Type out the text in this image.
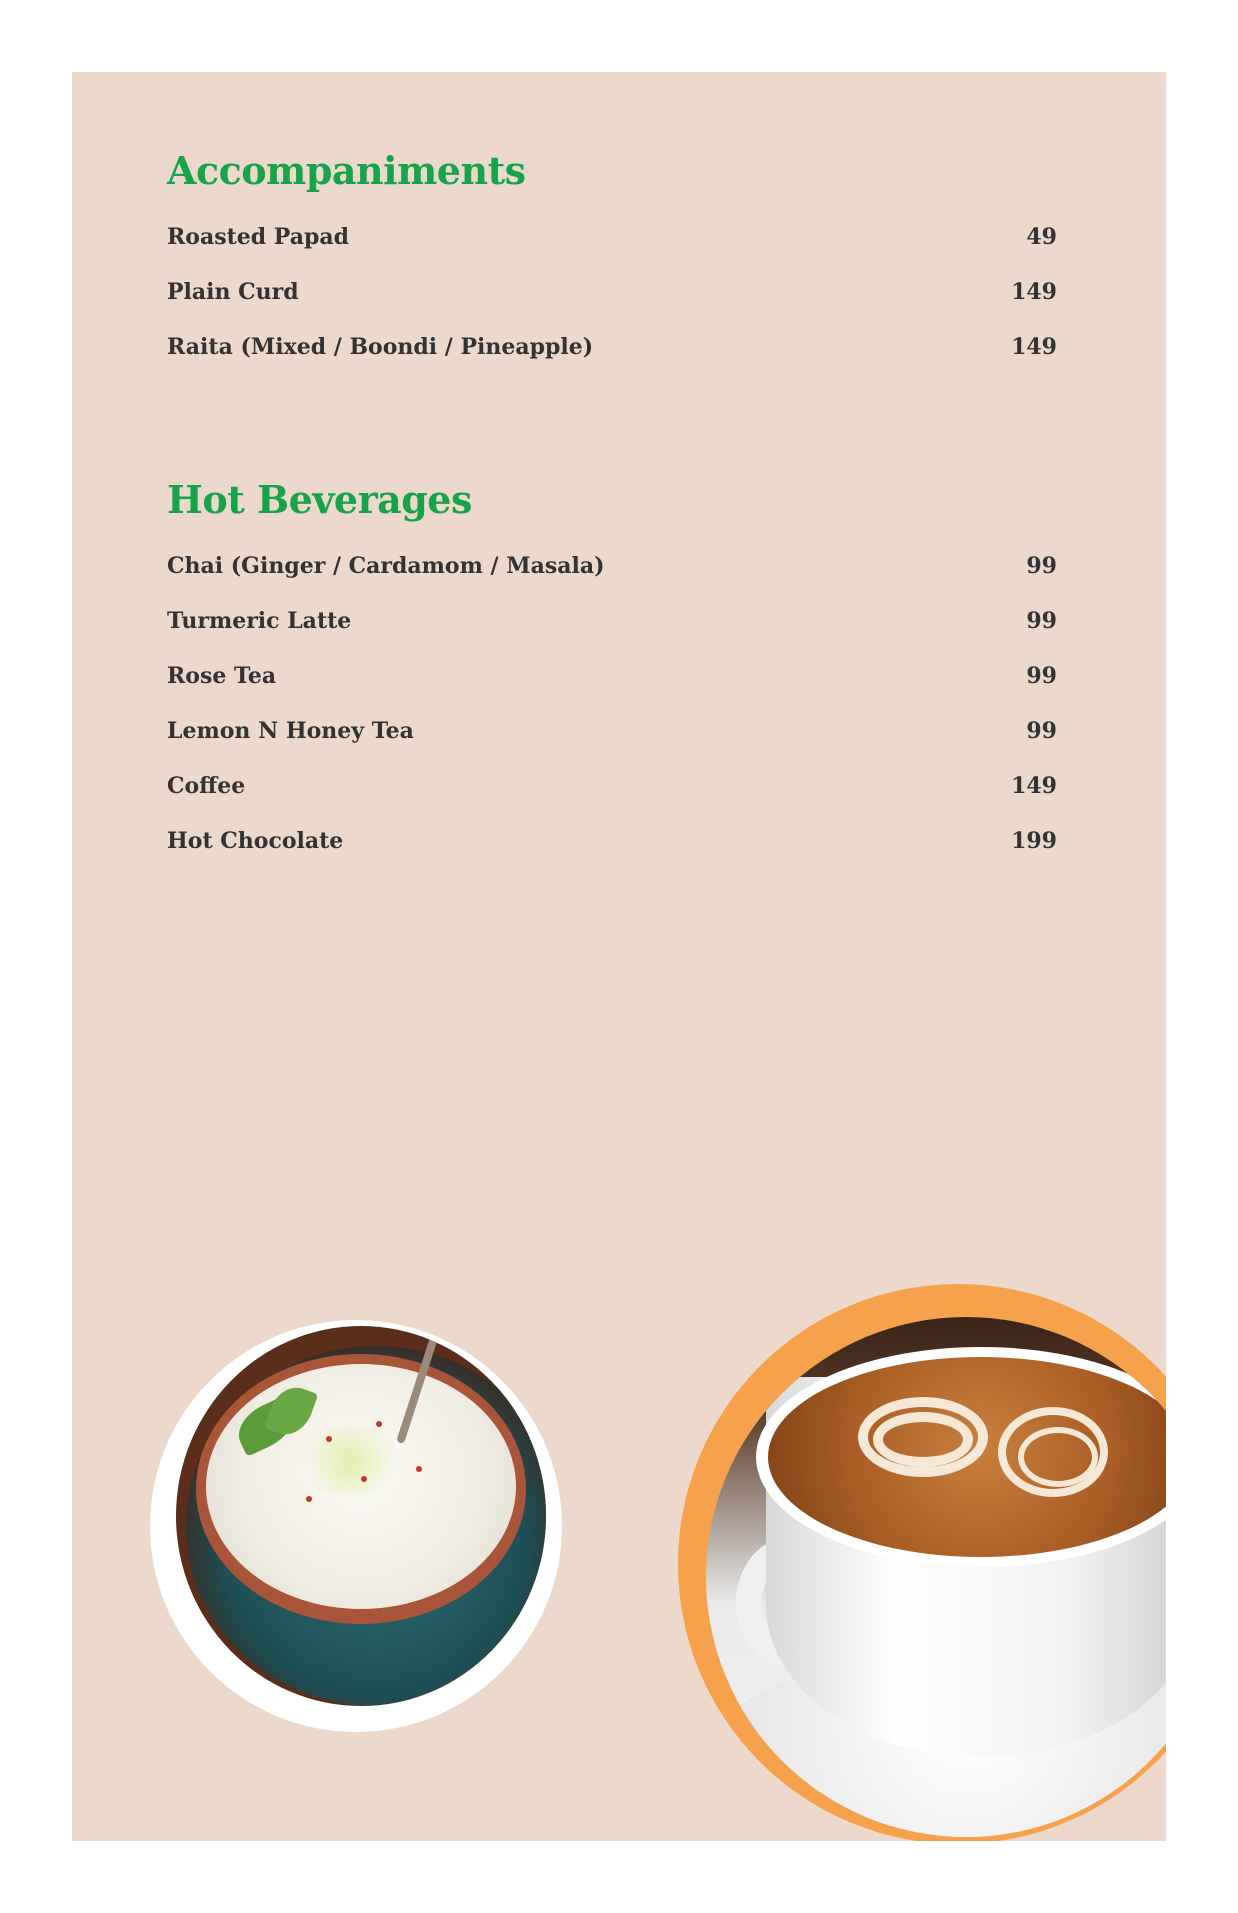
Accompaniments
Roasted Papad	49
Plain Curd	149
Raita (Mixed / Boondi / Pineapple)	149
Hot Beverages
Chai (Ginger / Cardamom / Masala)	99
Turmeric Latte	99
Rose Tea	99
Lemon N Honey Tea	99
Coffee	149
Hot Chocolate	199
